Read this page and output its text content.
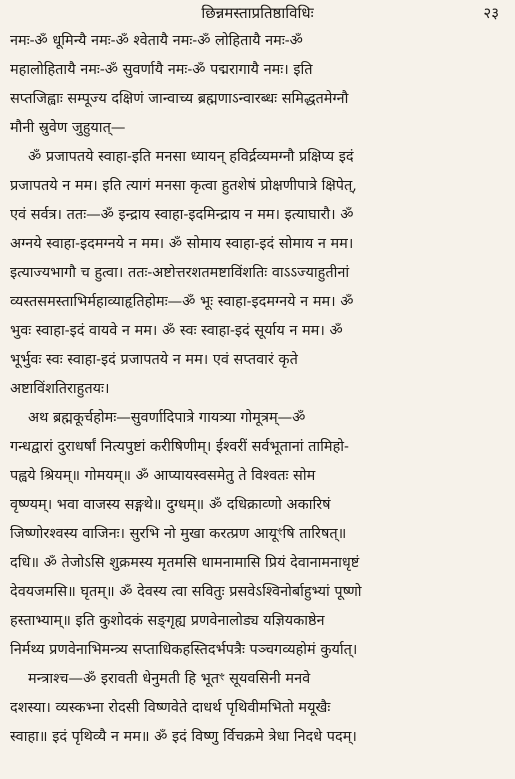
छिन्नमस्ताप्रतिष्ठाविधिः	२३
नमः-ॐ धूमिन्यै नमः-ॐ श्वेतायै नमः-ॐ लोहितायै नमः-ॐ
महालोहितायै नमः-ॐ सुवर्णायै नमः-ॐ पद्मरागायै नमः। इति
सप्तजिह्वाः सम्पूज्य दक्षिणं जान्वाच्य ब्रह्मणाऽन्वारब्धः समिद्धतमेग्नौ
मौनी स्रुवेण जुहुयात्—
ॐ प्रजापतये स्वाहा-इति मनसा ध्यायन् हविर्द्रव्यमग्नौ प्रक्षिप्य इदं
प्रजापतये न मम। इति त्यागं मनसा कृत्वा हुतशेषं प्रोक्षणीपात्रे क्षिपेत्,
एवं सर्वत्र। ततः—ॐ इन्द्राय स्वाहा-इदमिन्द्राय न मम। इत्याघारौ। ॐ
अग्नये स्वाहा-इदमग्नये न मम। ॐ सोमाय स्वाहा-इदं सोमाय न मम।
इत्याज्यभागौ च हुत्वा। ततः-अष्टोत्तरशतमष्टाविंशतिः वाऽऽज्याहुतीनां
व्यस्तसमस्ताभिर्महाव्याहृतिहोमः—ॐ भूः स्वाहा-इदमग्नये न मम। ॐ
भुवः स्वाहा-इदं वायवे न मम। ॐ स्वः स्वाहा-इदं सूर्याय न मम। ॐ
भूर्भुवः स्वः स्वाहा-इदं प्रजापतये न मम। एवं सप्तवारं कृते
अष्टाविंशतिराहुतयः।
अथ ब्रह्मकूर्चहोमः—सुवर्णादिपात्रे गायत्र्या गोमूत्रम्—ॐ
गन्धद्वारां दुराधर्षां नित्यपुष्टां करीषिणीम्। ईश्वरीं सर्वभूतानां तामिहो-
पह्वये श्रियम्॥ गोमयम्॥ ॐ आप्यायस्वसमेतु ते विश्वतः सोम
वृष्ण्यम्। भवा वाजस्य सङ्गथे॥ दुग्धम्॥ ॐ दधिक्राव्णो अकारिषं
जिष्णोरश्वस्य वाजिनः। सुरभि नो मुखा करत्प्रण आयूꣳषि तारिषत्॥
दधि॥ ॐ तेजोऽसि शुक्रमस्य मृतमसि धामनामासि प्रियं देवानामनाधृष्टं
देवयजमसि॥ घृतम्॥ ॐ देवस्य त्वा सवितुः प्रसवेऽश्विनोर्बाहुभ्यां पूष्णो
हस्ताभ्याम्॥ इति कुशोदकं सङ्गृह्य प्रणवेनालोड्य यज्ञियकाष्ठेन
निर्मथ्य प्रणवेनाभिमन्त्र्य सप्ताधिकहस्तिदर्भपत्रैः पञ्चगव्यहोमं कुर्यात्।
मन्त्राश्च—ॐ इरावती धेनुमती हि भूतꣳ सूयवसिनी मनवे
दशस्या। व्यस्कभ्ना रोदसी विष्णवेते दाधर्थ पृथिवीमभितो मयूखैः
स्वाहा॥ इदं पृथिव्यै न मम॥ ॐ इदं विष्णु र्विचक्रमे त्रेधा निदधे पदम्।
